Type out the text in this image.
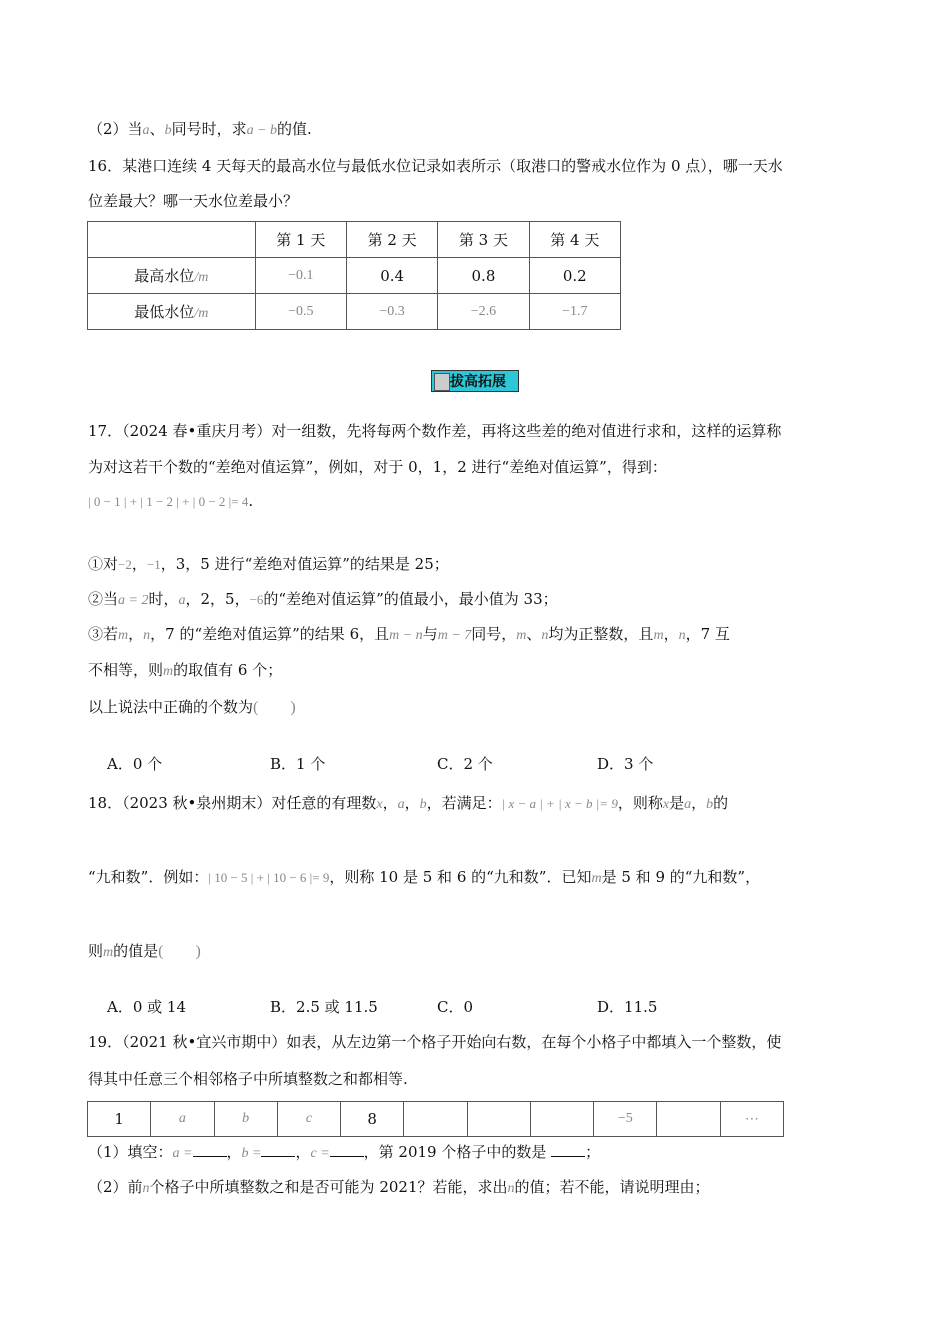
（2）当a、b同号时，求a − b的值.
16．某港口连续 4 天每天的最高水位与最低水位记录如表所示（取港口的警戒水位作为 0 点），哪一天水
位差最大？哪一天水位差最小？
	第 1 天	第 2 天	第 3 天	第 4 天
最高水位/m	−0.1	0.4	0.8	0.2
最低水位/m	−0.5	−0.3	−2.6	−1.7
拔高拓展
17．（2024 春•重庆月考）对一组数，先将每两个数作差，再将这些差的绝对值进行求和，这样的运算称
为对这若干个数的“差绝对值运算”，例如，对于 0，1，2 进行“差绝对值运算”，得到：
| 0 − 1 | + | 1 − 2 | + | 0 − 2 |= 4.
①对−2，−1，3，5 进行“差绝对值运算”的结果是 25；
②当a = 2时，a，2，5，−6的“差绝对值运算”的值最小，最小值为 33；
③若m，n，7 的“差绝对值运算”的结果 6，且m − n与m − 7同号，m、n均为正整数，且m，n，7 互
不相等，则m的取值有 6 个；
以上说法中正确的个数为(　　)
A．0 个	B．1 个	C．2 个	D．3 个
18．（2023 秋•泉州期末）对任意的有理数x，a，b，若满足：| x − a | + | x − b |= 9，则称x是a，b的
“九和数”．例如：| 10 − 5 | + | 10 − 6 |= 9，则称 10 是 5 和 6 的“九和数”．已知m是 5 和 9 的“九和数”，
则m的值是(　　)
A．0 或 14	B．2.5 或 11.5	C．0	D．11.5
19．（2021 秋•宜兴市期中）如表，从左边第一个格子开始向右数，在每个小格子中都填入一个整数，使
得其中任意三个相邻格子中所填整数之和都相等.
1	a	b	c	8				−5		⋯
（1）填空：a = ，b = ，c = ，第 2019 个格子中的数是	；
（2）前n个格子中所填整数之和是否可能为 2021？若能，求出n的值；若不能，请说明理由；
